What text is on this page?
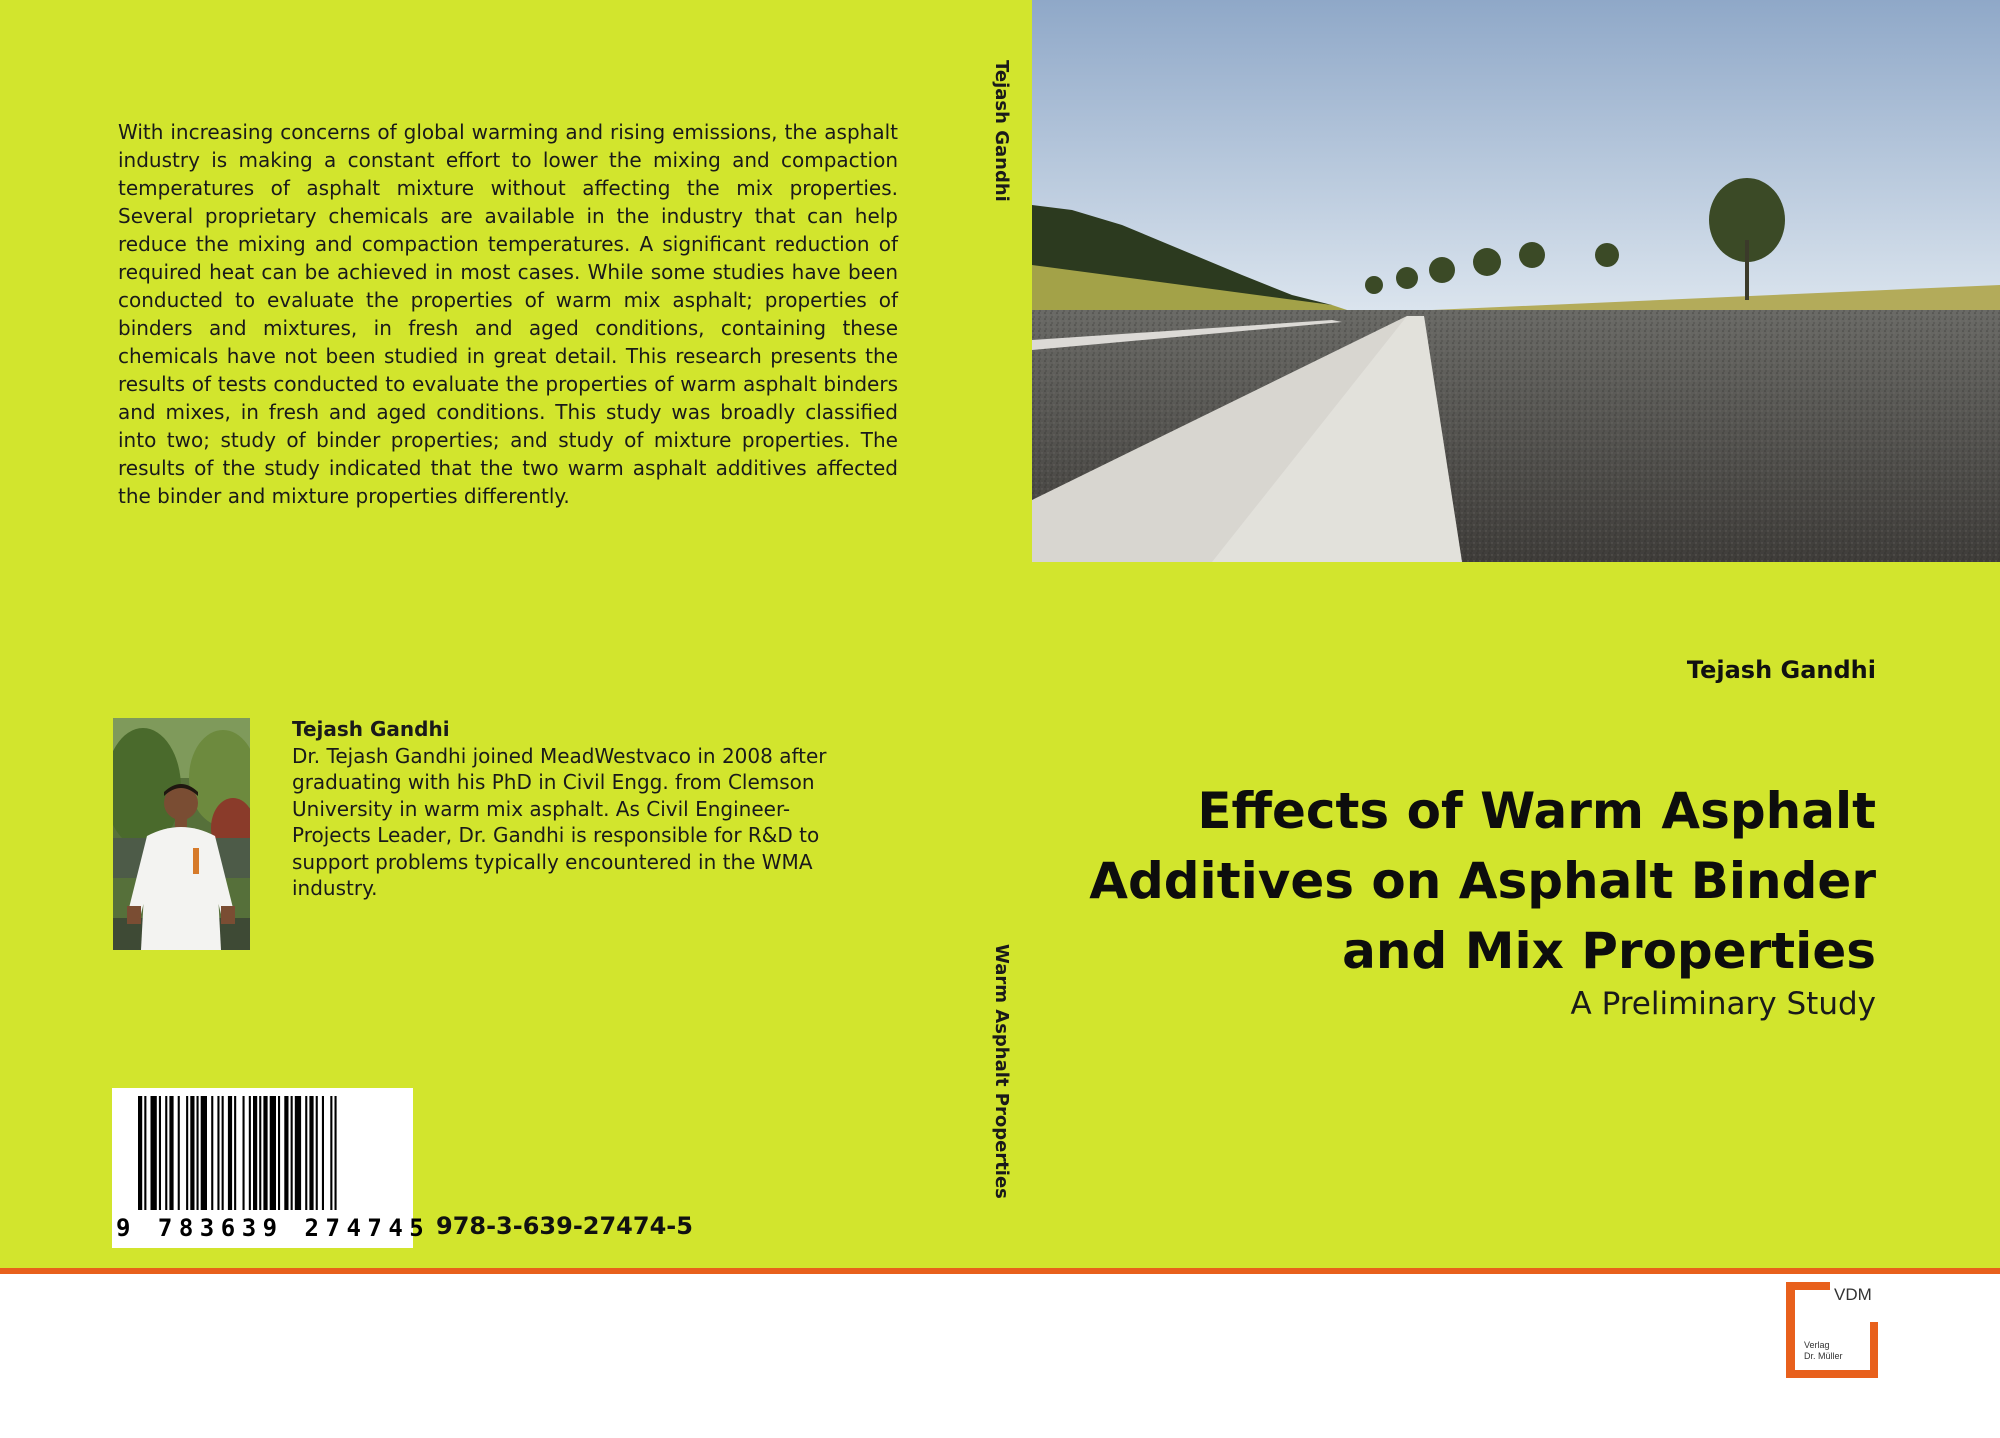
With increasing concerns of global warming and rising emissions, the asphalt industry is making a constant effort to lower the mixing and compaction temperatures of asphalt mixture without affecting the mix properties. Several proprietary chemicals are available in the industry that can help reduce the mixing and compaction temperatures. A significant reduction of required heat can be achieved in most cases. While some studies have been conducted to evaluate the properties of warm mix asphalt; properties of binders and mixtures, in fresh and aged conditions, containing these chemicals have not been studied in great detail. This research presents the results of tests conducted to evaluate the properties of warm asphalt binders and mixes, in fresh and aged conditions. This study was broadly classified into two; study of binder properties; and study of mixture properties. The results of the study indicated that the two warm asphalt additives affected the binder and mixture properties differently.
Tejash Gandhi
Dr. Tejash Gandhi joined MeadWestvaco in 2008 after graduating with his PhD in Civil Engg. from Clemson University in warm mix asphalt. As Civil Engineer-Projects Leader, Dr. Gandhi is responsible for R&D to support problems typically encountered in the WMA industry.
9 783639 274745 978-3-639-27474-5
Tejash Gandhi
Warm Asphalt Properties
Tejash Gandhi
Effects of Warm Asphalt
Additives on Asphalt Binder
and Mix Properties
A Preliminary Study
VDM
Verlag
Dr. Müller
